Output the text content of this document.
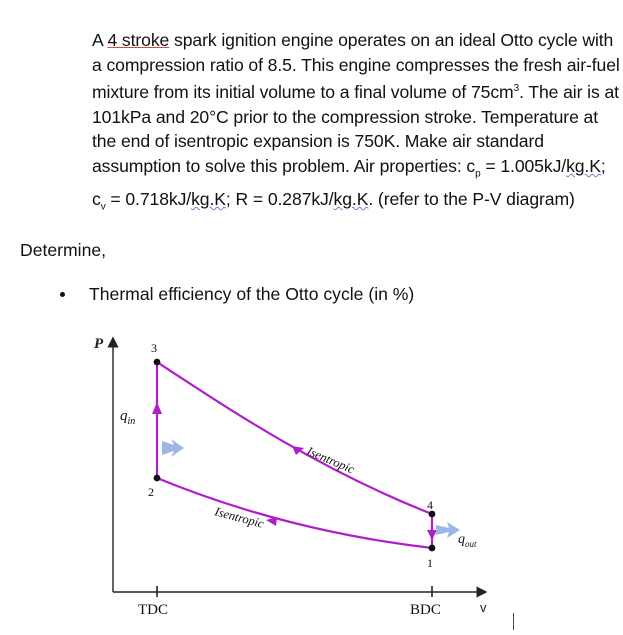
A 4 stroke spark ignition engine operates on an ideal Otto cycle with a compression ratio of 8.5. This engine compresses the fresh air-fuel mixture from its initial volume to a final volume of $75cm^3$. The air is at 101kPa and 20°C prior to the compression stroke. Temperature at the end of isentropic expansion is 750K. Make air standard assumption to solve this problem. Air properties: $c_p = 1.005kJ/kg.K$; $c_v = 0.718kJ/kg.K$; R = 0.287kJ/kg.K. (refer to the P-V diagram)

Determine,
Thermal efficiency of the Otto cycle (in %)
P
v
TDC	BDC
3
2
4
1
$q_{in}$
$q_{out}$
Isentropic
Isentropic
